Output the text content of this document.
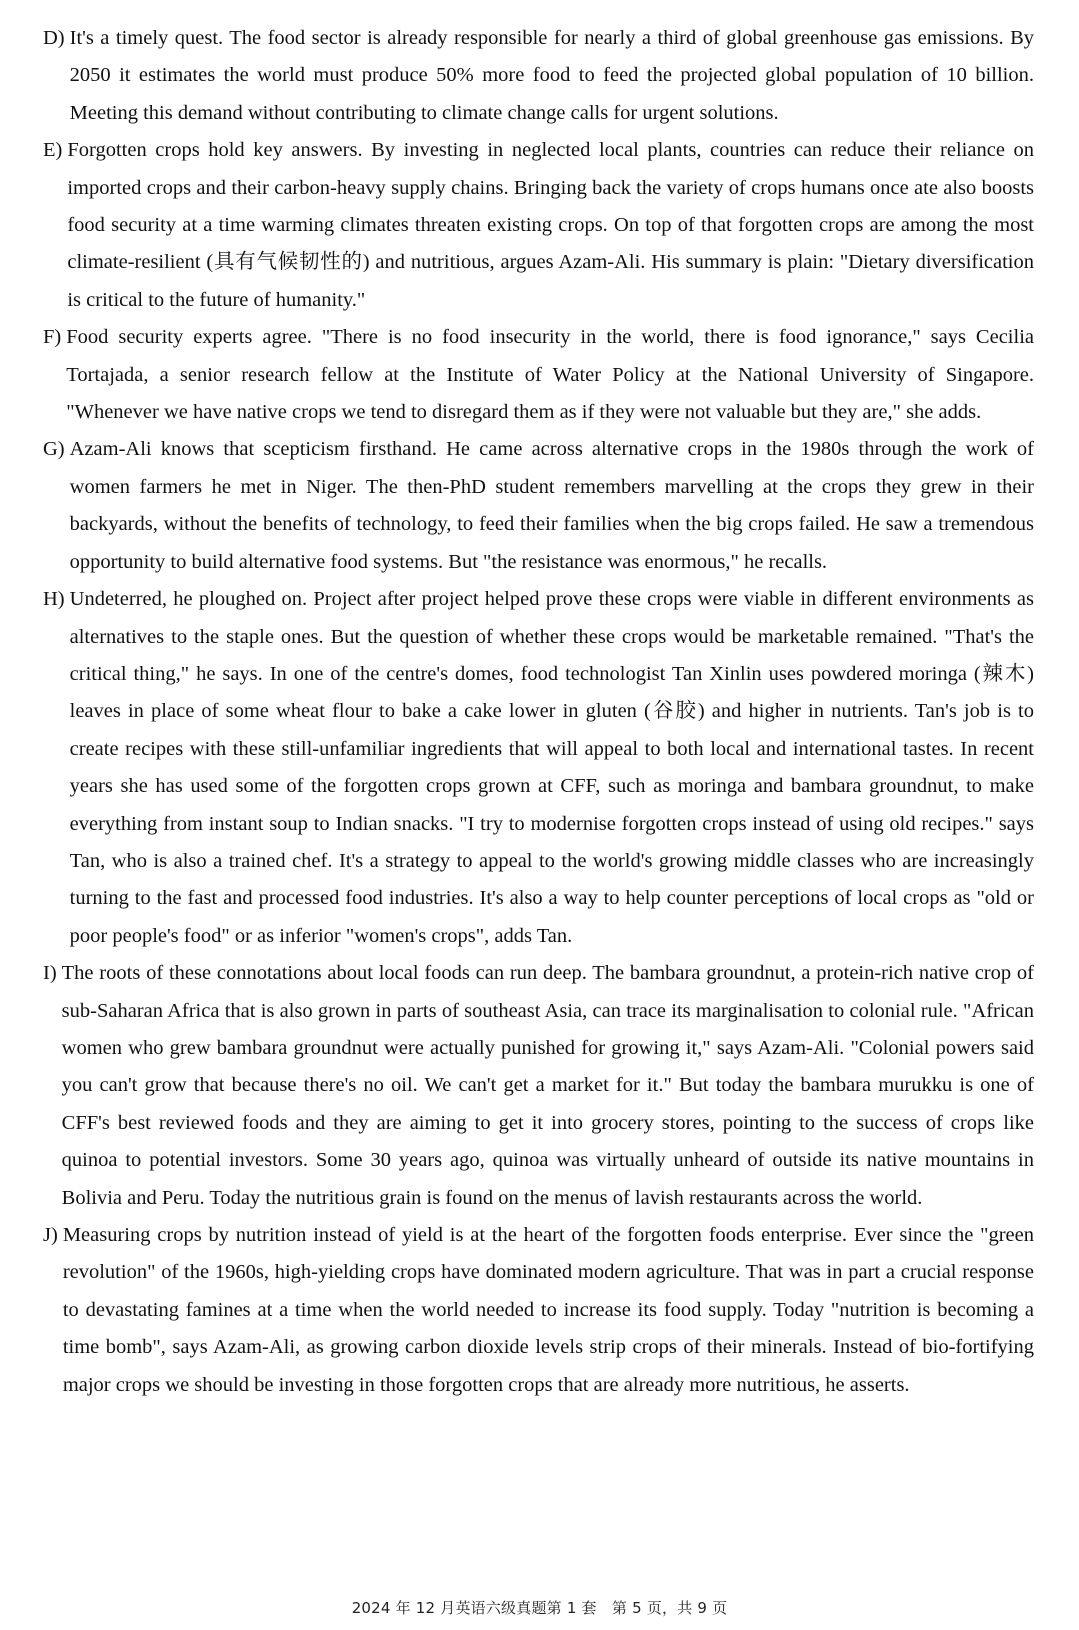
D) It's a timely quest. The food sector is already responsible for nearly a third of global greenhouse gas emissions. By 2050 it estimates the world must produce 50% more food to feed the projected global population of 10 billion. Meeting this demand without contributing to climate change calls for urgent solutions.

E) Forgotten crops hold key answers. By investing in neglected local plants, countries can reduce their reliance on imported crops and their carbon-heavy supply chains. Bringing back the variety of crops humans once ate also boosts food security at a time warming climates threaten existing crops. On top of that forgotten crops are among the most climate-resilient (具有气候韧性的) and nutritious, argues Azam-Ali. His summary is plain: "Dietary diversification is critical to the future of humanity."

F) Food security experts agree. "There is no food insecurity in the world, there is food ignorance," says Cecilia Tortajada, a senior research fellow at the Institute of Water Policy at the National University of Singapore. "Whenever we have native crops we tend to disregard them as if they were not valuable but they are," she adds.

G) Azam-Ali knows that scepticism firsthand. He came across alternative crops in the 1980s through the work of women farmers he met in Niger. The then-PhD student remembers marvelling at the crops they grew in their backyards, without the benefits of technology, to feed their families when the big crops failed. He saw a tremendous opportunity to build alternative food systems. But "the resistance was enormous," he recalls.

H) Undeterred, he ploughed on. Project after project helped prove these crops were viable in different environments as alternatives to the staple ones. But the question of whether these crops would be marketable remained. "That's the critical thing," he says. In one of the centre's domes, food technologist Tan Xinlin uses powdered moringa (辣木) leaves in place of some wheat flour to bake a cake lower in gluten (谷胶) and higher in nutrients. Tan's job is to create recipes with these still-unfamiliar ingredients that will appeal to both local and international tastes. In recent years she has used some of the forgotten crops grown at CFF, such as moringa and bambara groundnut, to make everything from instant soup to Indian snacks. "I try to modernise forgotten crops instead of using old recipes." says Tan, who is also a trained chef. It's a strategy to appeal to the world's growing middle classes who are increasingly turning to the fast and processed food industries. It's also a way to help counter perceptions of local crops as "old or poor people's food" or as inferior "women's crops", adds Tan.

I) The roots of these connotations about local foods can run deep. The bambara groundnut, a protein-rich native crop of sub-Saharan Africa that is also grown in parts of southeast Asia, can trace its marginalisation to colonial rule. "African women who grew bambara groundnut were actually punished for growing it," says Azam-Ali. "Colonial powers said you can't grow that because there's no oil. We can't get a market for it." But today the bambara murukku is one of CFF's best reviewed foods and they are aiming to get it into grocery stores, pointing to the success of crops like quinoa to potential investors. Some 30 years ago, quinoa was virtually unheard of outside its native mountains in Bolivia and Peru. Today the nutritious grain is found on the menus of lavish restaurants across the world.

J) Measuring crops by nutrition instead of yield is at the heart of the forgotten foods enterprise. Ever since the "green revolution" of the 1960s, high-yielding crops have dominated modern agriculture. That was in part a crucial response to devastating famines at a time when the world needed to increase its food supply. Today "nutrition is becoming a time bomb", says Azam-Ali, as growing carbon dioxide levels strip crops of their minerals. Instead of bio-fortifying major crops we should be investing in those forgotten crops that are already more nutritious, he asserts.

2024 年 12 月英语六级真题第 1 套　第 5 页，共 9 页
